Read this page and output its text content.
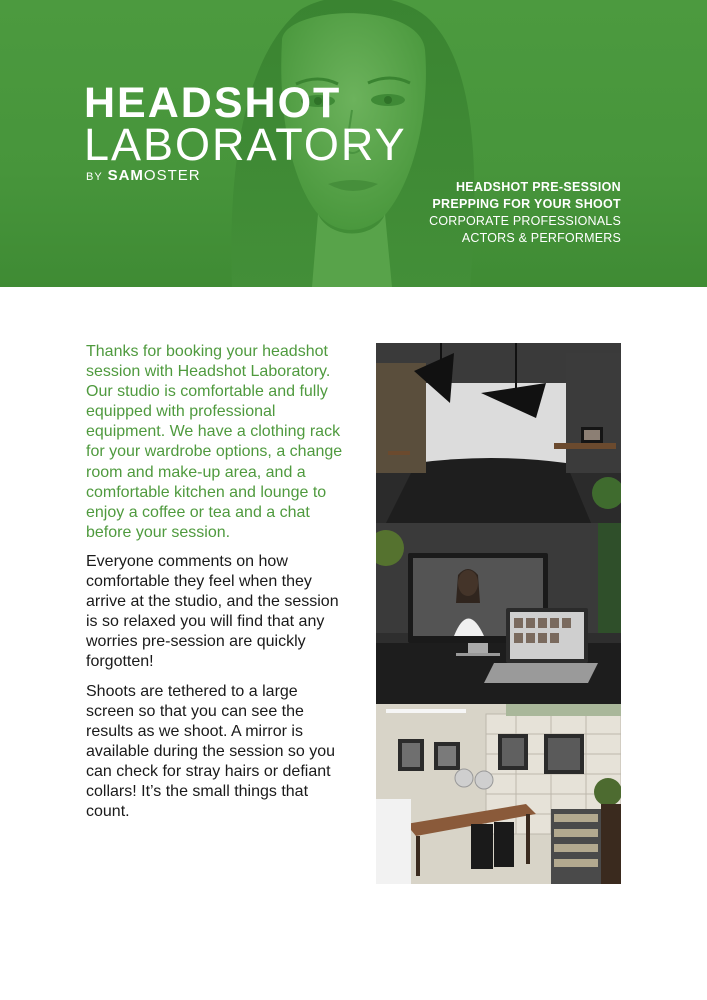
HEADSHOT
LABORATORY
BY SAMOSTER
HEADSHOT PRE-SESSION
PREPPING FOR YOUR SHOOT
CORPORATE PROFESSIONALS
ACTORS & PERFORMERS

Thanks for booking your headshot session with Headshot Laboratory. Our studio is comfortable and fully equipped with professional equipment. We have a clothing rack for your wardrobe options, a change room and make-up area, and a comfortable kitchen and lounge to enjoy a coffee or tea and a chat before your session.

Everyone comments on how comfortable they feel when they arrive at the studio, and the session is so relaxed you will find that any worries pre-session are quickly forgotten!

Shoots are tethered to a large screen so that you can see the results as we shoot. A mirror is available during the session so you can check for stray hairs or defiant collars! It’s the small things that count.
